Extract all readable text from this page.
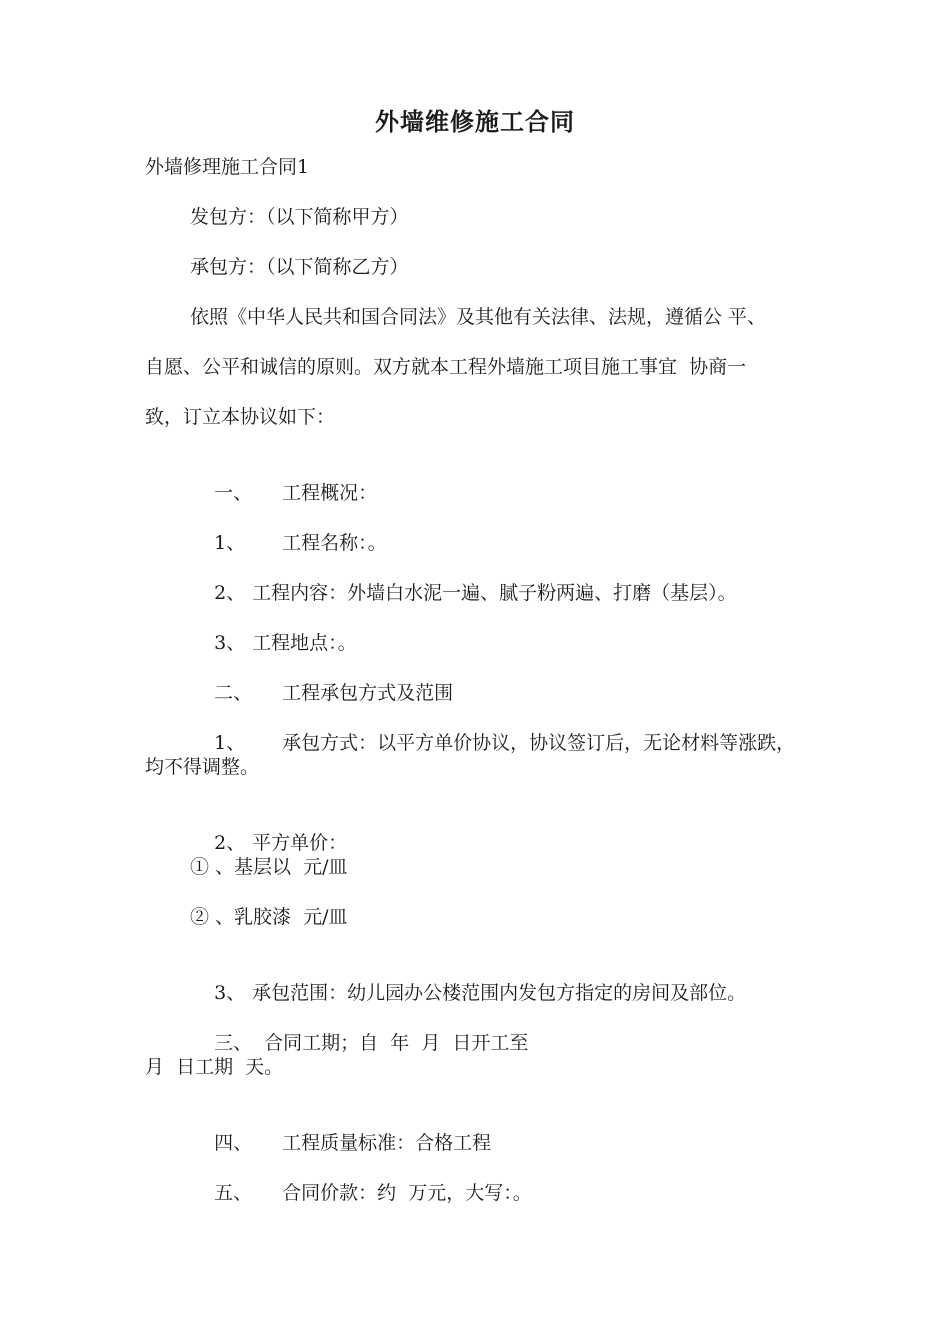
外墙维修施工合同
外墙修理施工合同1
发包方：（以下简称甲方）
承包方：（以下简称乙方）
依照《中华人民共和国合同法》及其他有关法律、法规，遵循公 平、
自愿、公平和诚信的原则。双方就本工程外墙施工项目施工事宜  协商一
致，订立本协议如下：

一、 工程概况：

1、 工程名称：。

2、 工程内容：外墙白水泥一遍、腻子粉两遍、打磨（基层）。

3、 工程地点：。

二、 工程承包方式及范围

1、 承包方式：以平方单价协议，协议签订后，无论材料等涨跌，

均不得调整。

2、 平方单价：

① 、基层以  元/皿
② 、乳胶漆  元/皿

3、 承包范围：幼儿园办公楼范围内发包方指定的房间及部位。

三、 合同工期；自  年  月  日开工至

月  日工期  天。

四、 工程质量标准：合格工程

五、 合同价款：约  万元，大写：。
